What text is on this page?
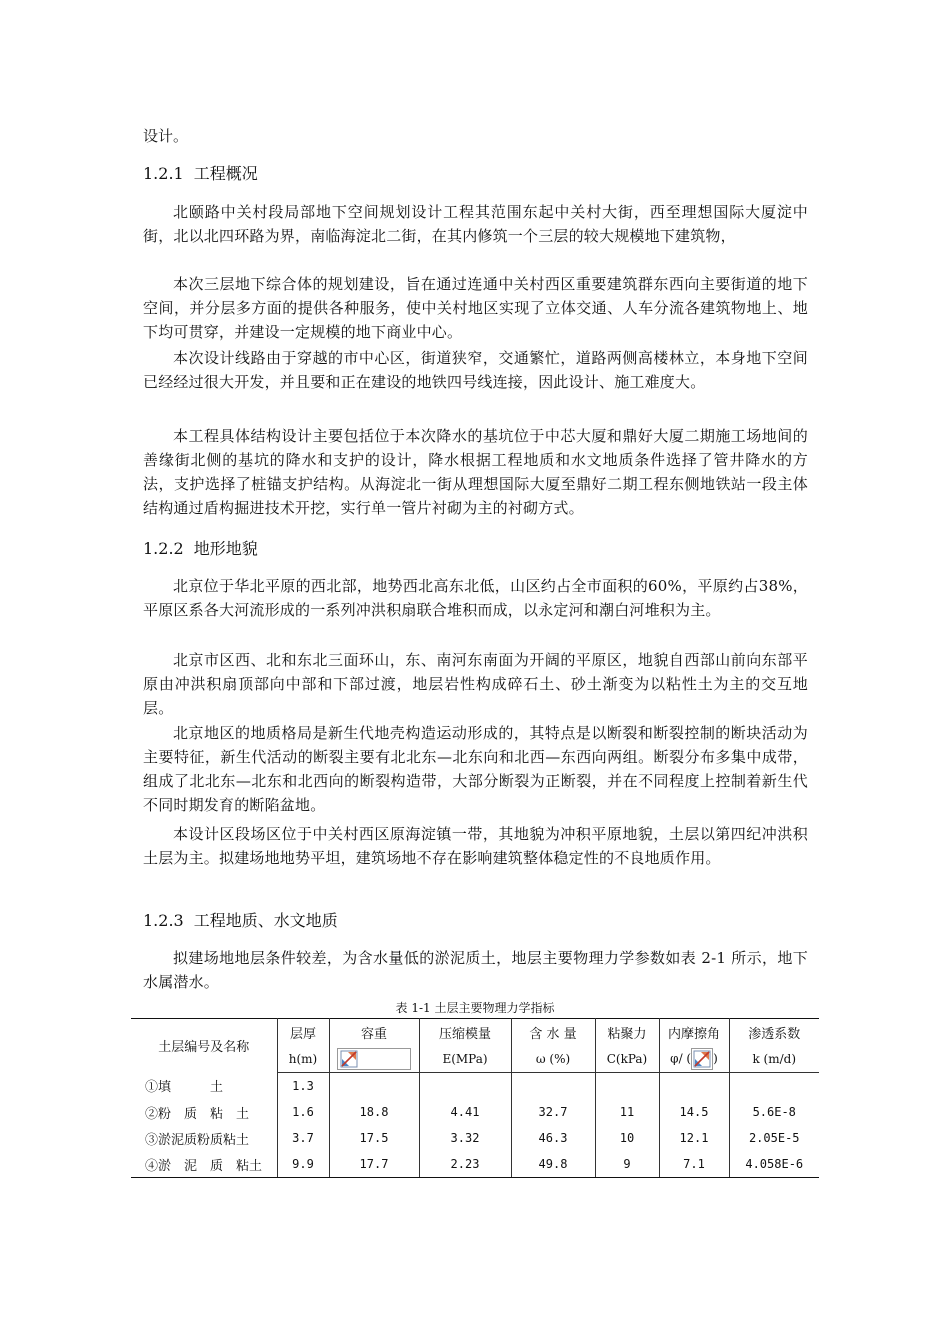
设计。
1.2.1 工程概况
北颐路中关村段局部地下空间规划设计工程其范围东起中关村大街，西至理想国际大厦淀中街，北以北四环路为界，南临海淀北二街，在其内修筑一个三层的较大规模地下建筑物，
本次三层地下综合体的规划建设，旨在通过连通中关村西区重要建筑群东西向主要街道的地下空间，并分层多方面的提供各种服务，使中关村地区实现了立体交通、人车分流各建筑物地上、地下均可贯穿，并建设一定规模的地下商业中心。
本次设计线路由于穿越的市中心区，街道狭窄，交通繁忙，道路两侧高楼林立，本身地下空间已经经过很大开发，并且要和正在建设的地铁四号线连接，因此设计、施工难度大。
本工程具体结构设计主要包括位于本次降水的基坑位于中芯大厦和鼎好大厦二期施工场地间的善缘街北侧的基坑的降水和支护的设计，降水根据工程地质和水文地质条件选择了管井降水的方法，支护选择了桩锚支护结构。从海淀北一街从理想国际大厦至鼎好二期工程东侧地铁站一段主体结构通过盾构掘进技术开挖，实行单一管片衬砌为主的衬砌方式。
1.2.2 地形地貌
北京位于华北平原的西北部，地势西北高东北低，山区约占全市面积的60%，平原约占38%，平原区系各大河流形成的一系列冲洪积扇联合堆积而成，以永定河和潮白河堆积为主。
北京市区西、北和东北三面环山，东、南河东南面为开阔的平原区，地貌自西部山前向东部平原由冲洪积扇顶部向中部和下部过渡，地层岩性构成碎石土、砂土渐变为以粘性土为主的交互地层。
北京地区的地质格局是新生代地壳构造运动形成的，其特点是以断裂和断裂控制的断块活动为主要特征，新生代活动的断裂主要有北北东—北东向和北西—东西向两组。断裂分布多集中成带，组成了北北东—北东和北西向的断裂构造带，大部分断裂为正断裂，并在不同程度上控制着新生代不同时期发育的断陷盆地。
本设计区段场区位于中关村西区原海淀镇一带，其地貌为冲积平原地貌，土层以第四纪冲洪积土层为主。拟建场地地势平坦，建筑场地不存在影响建筑整体稳定性的不良地质作用。
1.2.3 工程地质、水文地质
拟建场地地层条件较差，为含水量低的淤泥质土，地层主要物理力学参数如表 2-1 所示，地下水属潜水。
表 1-1 土层主要物理力学指标
土层编号及名称	层厚	容重	压缩模量	含 水 量	粘聚力	内摩擦角	渗透系数
	h(m)		E(MPa)	ω (%)	C(kPa)	φ/ ( )	k (m/d)
①填　　　土	1.3						
②粉　质　粘　土	1.6	18.8	4.41	32.7	11	14.5	5.6E-8
③淤泥质粉质粘土	3.7	17.5	3.32	46.3	10	12.1	2.05E-5
④淤　泥　质　粘土	9.9	17.7	2.23	49.8	9	7.1	4.058E-6
